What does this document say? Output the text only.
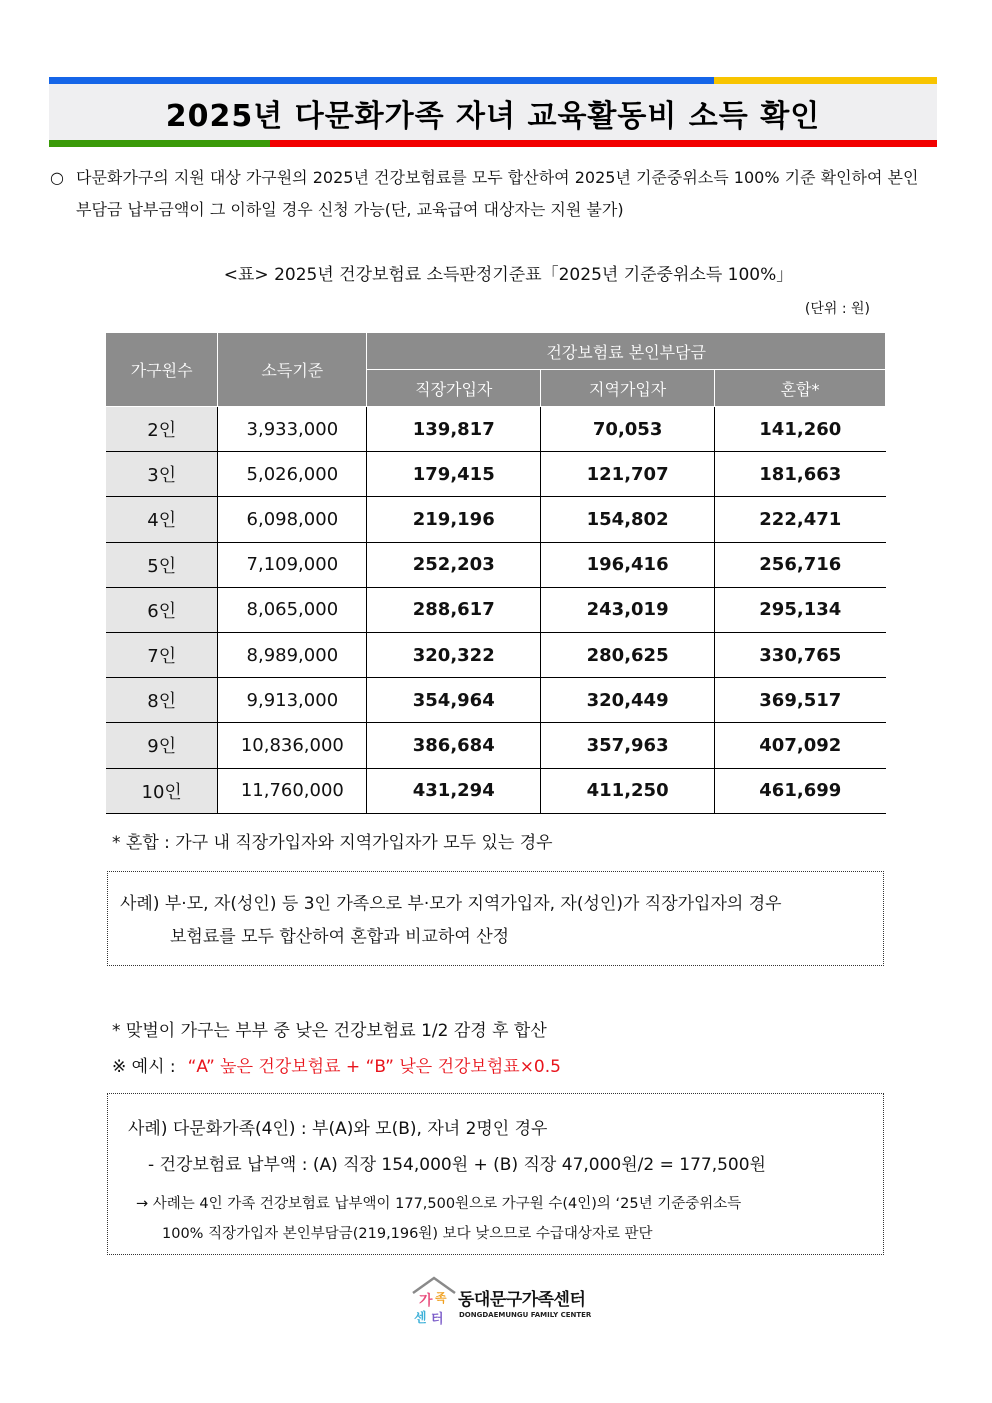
2025년 다문화가족 자녀 교육활동비 소득 확인
○ 다문화가구의 지원 대상 가구원의 2025년 건강보험료를 모두 합산하여 2025년 기준중위소득 100% 기준 확인하여 본인 부담금 납부금액이 그 이하일 경우 신청 가능(단, 교육급여 대상자는 지원 불가)
<표> 2025년 건강보험료 소득판정기준표「2025년 기준중위소득 100%」
(단위 : 원)
가구원수	소득기준	건강보험료 본인부담금		
		직장가입자	지역가입자	혼합*
2인	3,933,000	139,817	70,053	141,260
3인	5,026,000	179,415	121,707	181,663
4인	6,098,000	219,196	154,802	222,471
5인	7,109,000	252,203	196,416	256,716
6인	8,065,000	288,617	243,019	295,134
7인	8,989,000	320,322	280,625	330,765
8인	9,913,000	354,964	320,449	369,517
9인	10,836,000	386,684	357,963	407,092
10인	11,760,000	431,294	411,250	461,699
* 혼합 : 가구 내 직장가입자와 지역가입자가 모두 있는 경우
사례) 부·모, 자(성인) 등 3인 가족으로 부·모가 지역가입자, 자(성인)가 직장가입자의 경우
보험료를 모두 합산하여 혼합과 비교하여 산정
* 맞벌이 가구는 부부 중 낮은 건강보험료 1/2 감경 후 합산
※ 예시 : “A” 높은 건강보험료 + “B” 낮은 건강보험표×0.5
사례) 다문화가족(4인) : 부(A)와 모(B), 자녀 2명인 경우
- 건강보험료 납부액 : (A) 직장 154,000원 + (B) 직장 47,000원/2 = 177,500원
→ 사례는 4인 가족 건강보험료 납부액이 177,500원으로 가구원 수(4인)의 ‘25년 기준중위소득
100% 직장가입자 본인부담금(219,196원) 보다 낮으므로 수급대상자로 판단
가 족
센 터
동대문구가족센터
DONGDAEMUNGU FAMILY CENTER
